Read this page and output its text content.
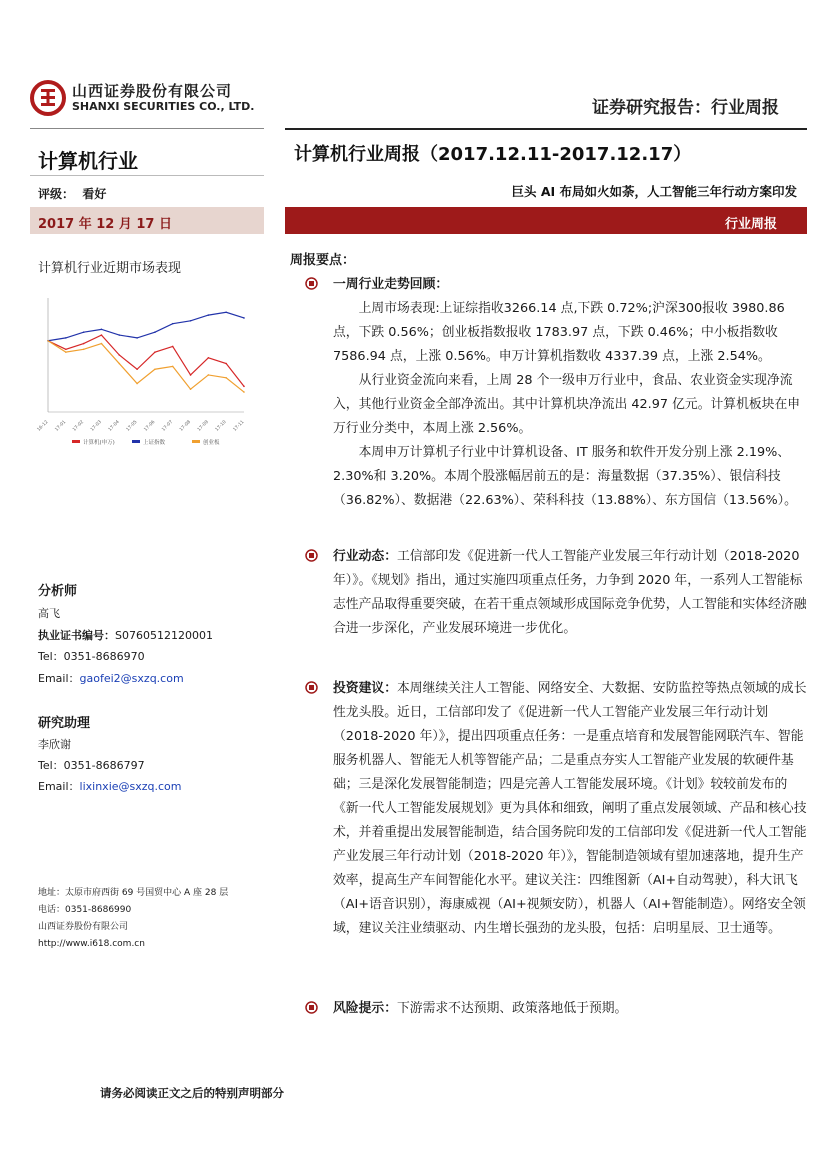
山西证券股份有限公司
SHANXI SECURITIES CO., LTD.	证券研究报告：行业周报
计算机行业
评级： 看好
计算机行业周报（2017.12.11-2017.12.17）
巨头 AI 布局如火如荼，人工智能三年行动方案印发
2017 年 12 月 17 日	行业周报
计算机行业近期市场表现
16-12 17-01 17-02 17-03 17-04 17-05 17-06 17-07 17-08 17-09 17-10 17-11
计算机(申万)	上证指数	创业板
分析师
高飞
执业证书编号：S0760512120001
Tel：0351-8686970
Email：gaofei2@sxzq.com
研究助理
李欣谢
Tel：0351-8686797
Email：lixinxie@sxzq.com
地址：太原市府西街 69 号国贸中心 A 座 28 层
电话：0351-8686990
山西证券股份有限公司
http://www.i618.com.cn
周报要点：

一周行业走势回顾：

上周市场表现:上证综指收3266.14 点,下跌 0.72%;沪深300报收 3980.86 点，下跌 0.56%；创业板指数报收 1783.97 点，下跌 0.46%；中小板指数收 7586.94 点，上涨 0.56%。申万计算机指数收 4337.39 点，上涨 2.54%。

从行业资金流向来看，上周 28 个一级申万行业中，食品、农业资金实现净流入，其他行业资金全部净流出。其中计算机块净流出 42.97 亿元。计算机板块在申万行业分类中，本周上涨 2.56%。

本周申万计算机子行业中计算机设备、IT 服务和软件开发分别上涨 2.19%、2.30%和 3.20%。本周个股涨幅居前五的是：海量数据（37.35%）、银信科技（36.82%）、数据港（22.63%）、荣科科技（13.88%）、东方国信（13.56%）。

行业动态：工信部印发《促进新一代人工智能产业发展三年行动计划（2018-2020 年）》。《规划》指出，通过实施四项重点任务，力争到 2020 年，一系列人工智能标志性产品取得重要突破，在若干重点领域形成国际竞争优势，人工智能和实体经济融合进一步深化，产业发展环境进一步优化。

投资建议：本周继续关注人工智能、网络安全、大数据、安防监控等热点领域的成长性龙头股。近日，工信部印发了《促进新一代人工智能产业发展三年行动计划（2018-2020 年）》，提出四项重点任务：一是重点培育和发展智能网联汽车、智能服务机器人、智能无人机等智能产品；二是重点夯实人工智能产业发展的软硬件基础；三是深化发展智能制造；四是完善人工智能发展环境。《计划》较较前发布的《新一代人工智能发展规划》更为具体和细致，阐明了重点发展领域、产品和核心技术，并着重提出发展智能制造，结合国务院印发的工信部印发《促进新一代人工智能产业发展三年行动计划（2018-2020 年）》，智能制造领域有望加速落地，提升生产效率，提高生产车间智能化水平。建议关注：四维图新（AI+自动驾驶），科大讯飞（AI+语音识别），海康威视（AI+视频安防），机器人（AI+智能制造）。网络安全领域，建议关注业绩驱动、内生增长强劲的龙头股，包括：启明星辰、卫士通等。

风险提示：下游需求不达预期、政策落地低于预期。

请务必阅读正文之后的特别声明部分
